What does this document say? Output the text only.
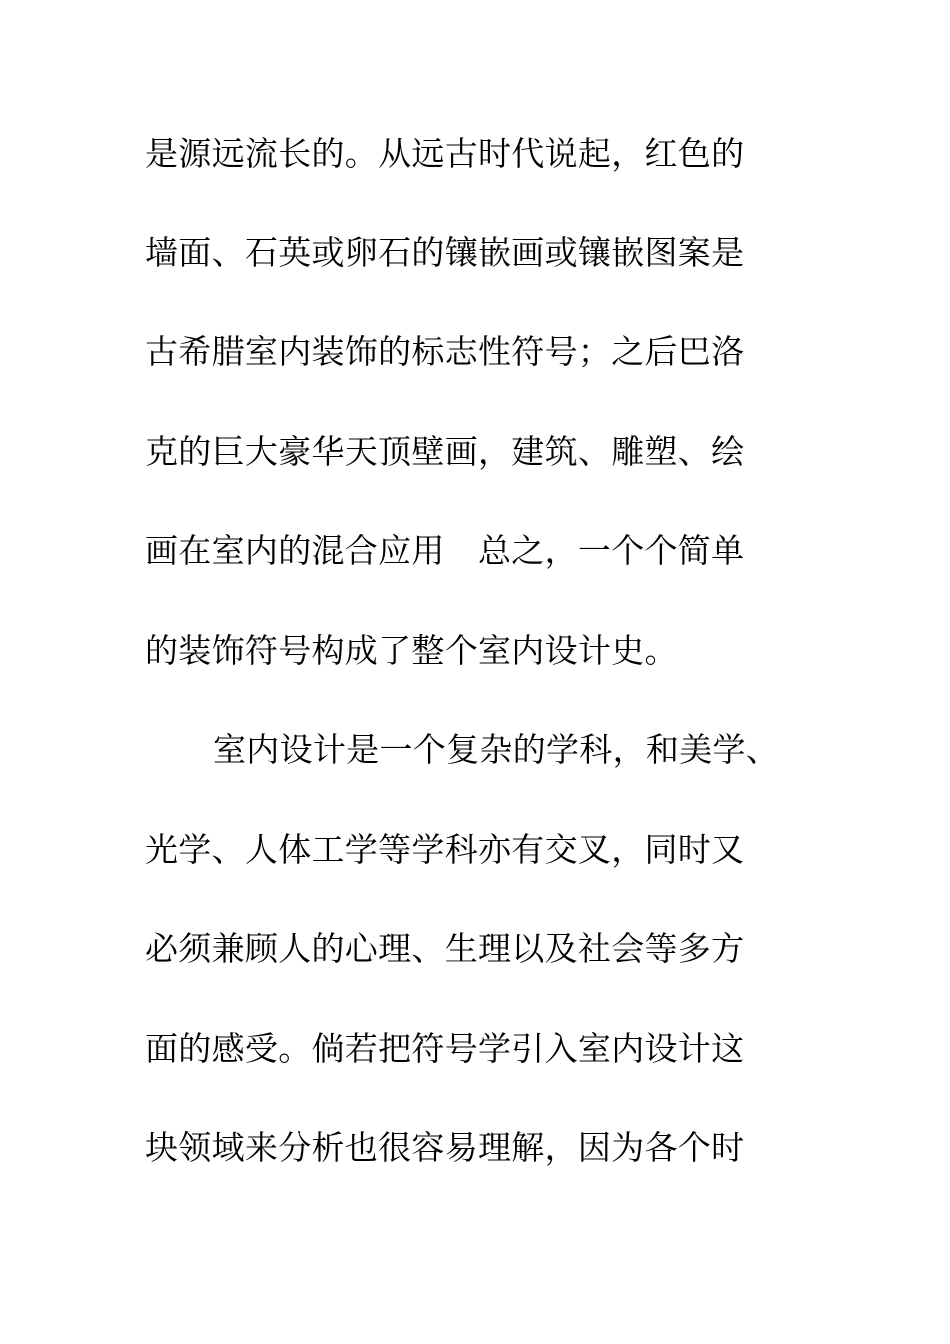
是源远流长的。从远古时代说起，红色的
墙面、石英或卵石的镶嵌画或镶嵌图案是
古希腊室内装饰的标志性符号；之后巴洛
克的巨大豪华天顶壁画，建筑、雕塑、绘
画在室内的混合应用　总之，一个个简单
的装饰符号构成了整个室内设计史。
室内设计是一个复杂的学科，和美学、
光学、人体工学等学科亦有交叉，同时又
必须兼顾人的心理、生理以及社会等多方
面的感受。倘若把符号学引入室内设计这
块领域来分析也很容易理解，因为各个时
